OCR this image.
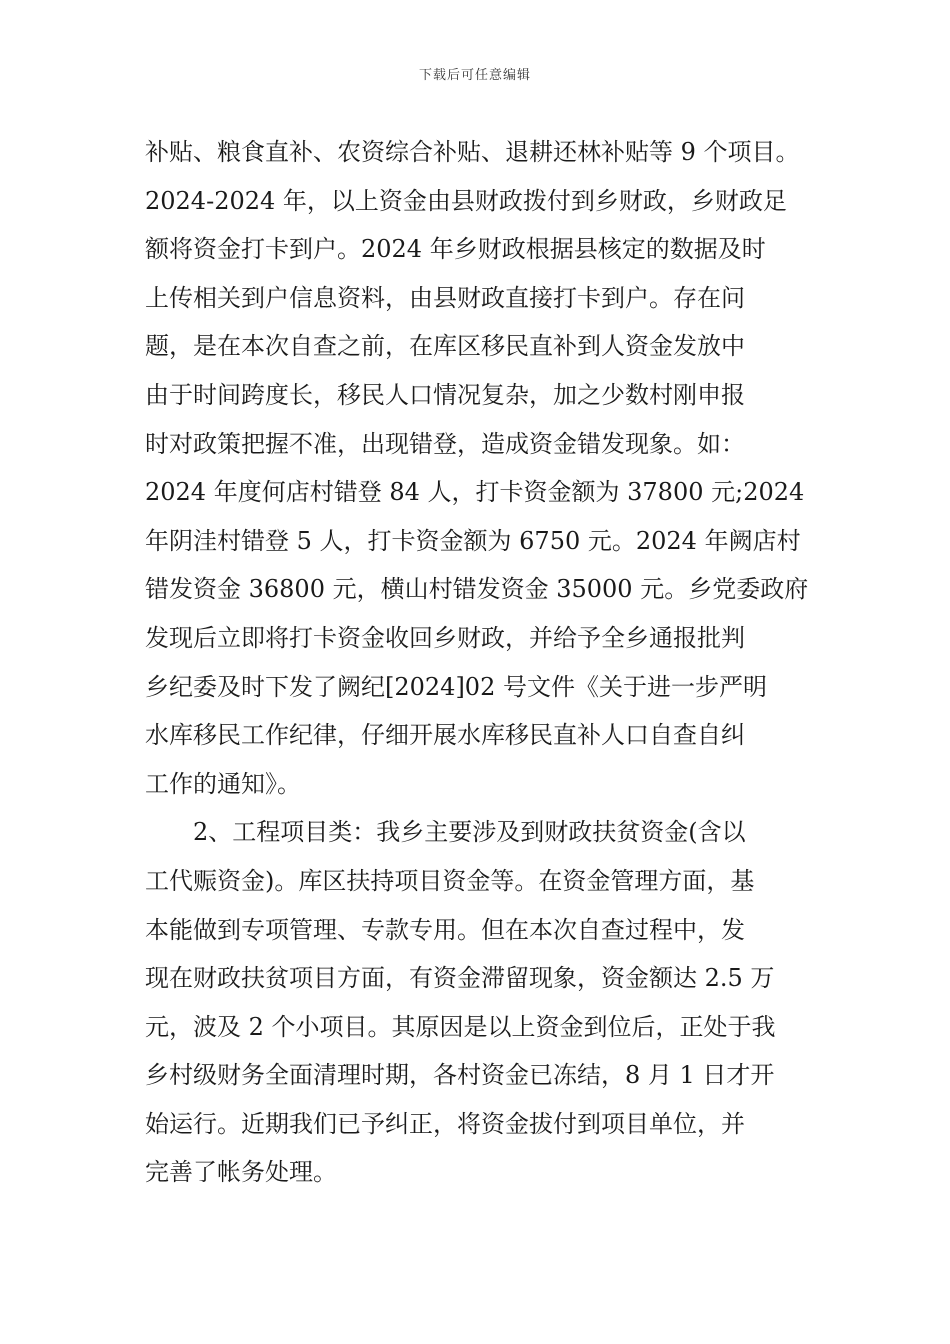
下载后可任意编辑
补贴、粮食直补、农资综合补贴、退耕还林补贴等 9 个项目。
2024-2024 年，以上资金由县财政拨付到乡财政，乡财政足
额将资金打卡到户。2024 年乡财政根据县核定的数据及时
上传相关到户信息资料，由县财政直接打卡到户。存在问
题，是在本次自查之前，在库区移民直补到人资金发放中
由于时间跨度长，移民人口情况复杂，加之少数村刚申报
时对政策把握不准，出现错登，造成资金错发现象。如：
2024 年度何店村错登 84 人，打卡资金额为 37800 元;2024
年阴洼村错登 5 人，打卡资金额为 6750 元。2024 年阙店村
错发资金 36800 元，横山村错发资金 35000 元。乡党委政府
发现后立即将打卡资金收回乡财政，并给予全乡通报批判
乡纪委及时下发了阙纪[2024]02 号文件《关于进一步严明
水库移民工作纪律，仔细开展水库移民直补人口自查自纠
工作的通知》。
2、工程项目类：我乡主要涉及到财政扶贫资金(含以
工代赈资金)。库区扶持项目资金等。在资金管理方面，基
本能做到专项管理、专款专用。但在本次自查过程中，发
现在财政扶贫项目方面，有资金滞留现象，资金额达 2.5 万
元，波及 2 个小项目。其原因是以上资金到位后，正处于我
乡村级财务全面清理时期，各村资金已冻结，8 月 1 日才开
始运行。近期我们已予纠正，将资金拔付到项目单位，并
完善了帐务处理。
